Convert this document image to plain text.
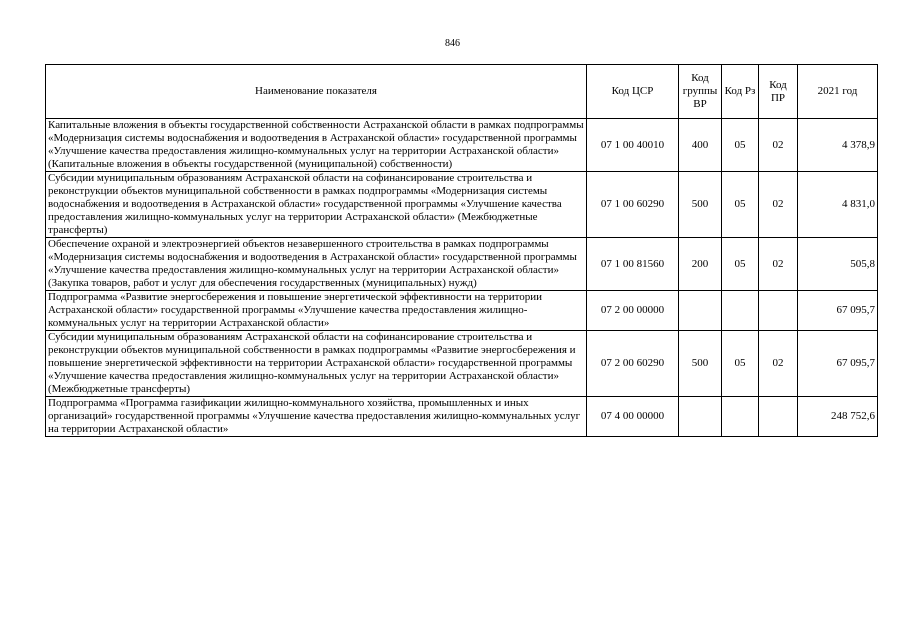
846
Наименование показателя	Код ЦСР	Код группы ВР	Код Рз	Код ПР	2021 год
Капитальные вложения в объекты государственной собственности Астраханской области в рамках подпрограммы «Модернизация системы водоснабжения и водоотведения в Астраханской области» государственной программы «Улучшение качества предоставления жилищно-коммунальных услуг на территории Астраханской области» (Капитальные вложения в объекты государственной (муниципальной) собственности)	07 1 00 40010	400	05	02	4 378,9
Субсидии муниципальным образованиям Астраханской области на софинансирование строительства и реконструкции объектов муниципальной собственности в рамках подпрограммы «Модернизация системы водоснабжения и водоотведения в Астраханской области» государственной программы «Улучшение качества предоставления жилищно-коммунальных услуг на территории Астраханской области» (Межбюджетные трансферты)	07 1 00 60290	500	05	02	4 831,0
Обеспечение охраной и электроэнергией объектов незавершенного строительства в рамках подпрограммы «Модернизация системы водоснабжения и водоотведения в Астраханской области» государственной программы «Улучшение качества предоставления жилищно-коммунальных услуг на территории Астраханской области» (Закупка товаров, работ и услуг для обеспечения государственных (муниципальных) нужд)	07 1 00 81560	200	05	02	505,8
Подпрограмма «Развитие энергосбережения и повышение энергетической эффективности на территории Астраханской области» государственной программы «Улучшение качества предоставления жилищно-коммунальных услуг на территории Астраханской области»	07 2 00 00000				67 095,7
Субсидии муниципальным образованиям Астраханской области на софинансирование строительства и реконструкции объектов муниципальной собственности в рамках подпрограммы «Развитие энергосбережения и повышение энергетической эффективности на территории Астраханской области» государственной программы «Улучшение качества предоставления жилищно-коммунальных услуг на территории Астраханской области» (Межбюджетные трансферты)	07 2 00 60290	500	05	02	67 095,7
Подпрограмма «Программа газификации жилищно-коммунального хозяйства, промышленных и иных организаций» государственной программы «Улучшение качества предоставления жилищно-коммунальных услуг на территории Астраханской области»	07 4 00 00000				248 752,6
